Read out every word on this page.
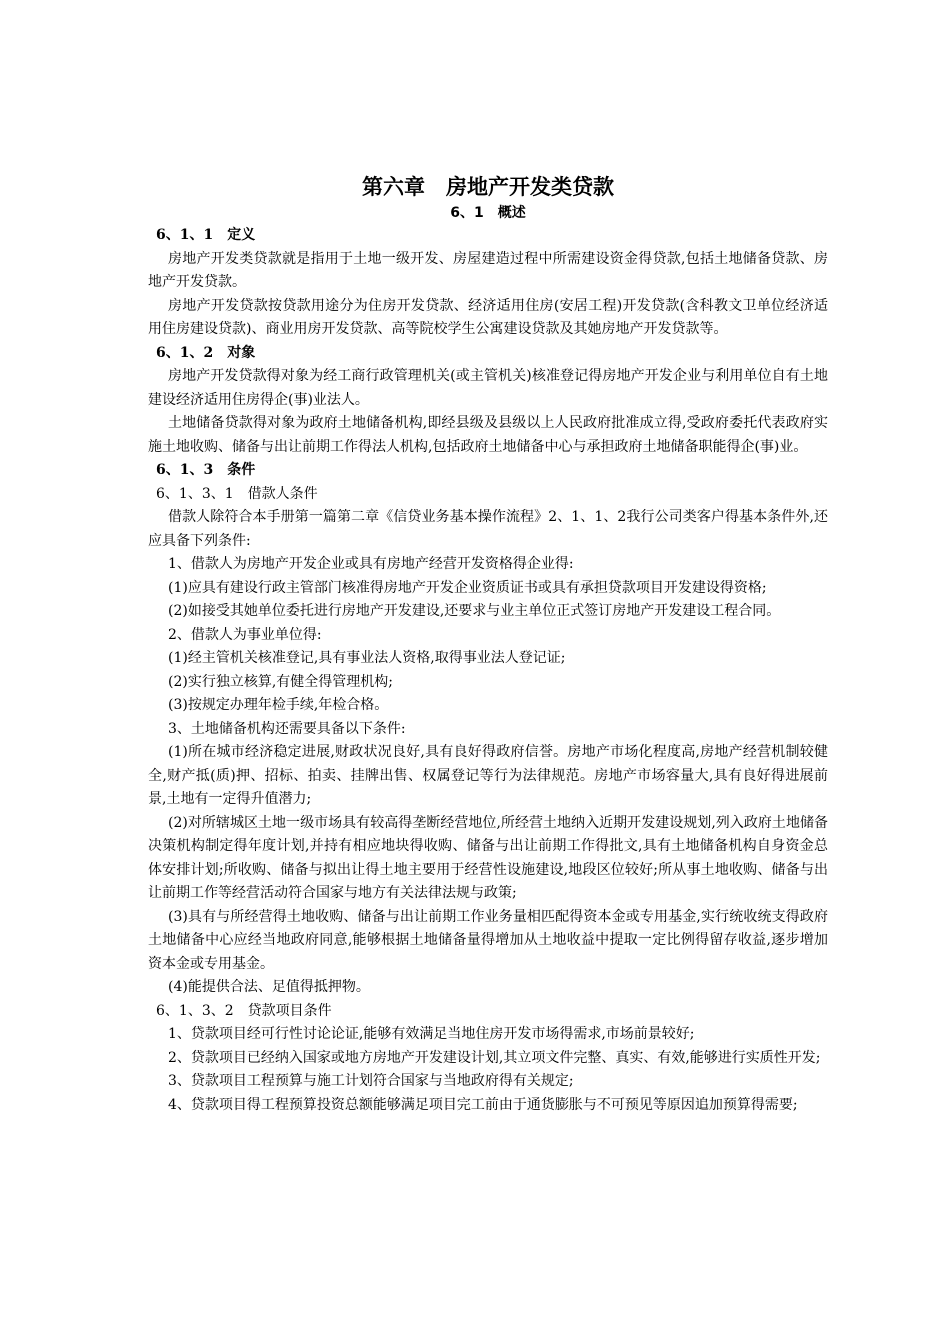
第六章　房地产开发类贷款
6、1　概述
6、1、1　定义

房地产开发类贷款就是指用于土地一级开发、房屋建造过程中所需建设资金得贷款,包括土地储备贷款、房地产开发贷款。

房地产开发贷款按贷款用途分为住房开发贷款、经济适用住房(安居工程)开发贷款(含科教文卫单位经济适用住房建设贷款)、商业用房开发贷款、高等院校学生公寓建设贷款及其她房地产开发贷款等。

6、1、2　对象

房地产开发贷款得对象为经工商行政管理机关(或主管机关)核准登记得房地产开发企业与利用单位自有土地建设经济适用住房得企(事)业法人。

土地储备贷款得对象为政府土地储备机构,即经县级及县级以上人民政府批准成立得,受政府委托代表政府实施土地收购、储备与出让前期工作得法人机构,包括政府土地储备中心与承担政府土地储备职能得企(事)业。

6、1、3　条件
6、1、3、1　借款人条件

借款人除符合本手册第一篇第二章《信贷业务基本操作流程》2、1、1、2我行公司类客户得基本条件外,还应具备下列条件:

1、借款人为房地产开发企业或具有房地产经营开发资格得企业得:

(1)应具有建设行政主管部门核准得房地产开发企业资质证书或具有承担贷款项目开发建设得资格;

(2)如接受其她单位委托进行房地产开发建设,还要求与业主单位正式签订房地产开发建设工程合同。

2、借款人为事业单位得:

(1)经主管机关核准登记,具有事业法人资格,取得事业法人登记证;

(2)实行独立核算,有健全得管理机构;

(3)按规定办理年检手续,年检合格。

3、土地储备机构还需要具备以下条件:

(1)所在城市经济稳定进展,财政状况良好,具有良好得政府信誉。房地产市场化程度高,房地产经营机制较健全,财产抵(质)押、招标、拍卖、挂牌出售、权属登记等行为法律规范。房地产市场容量大,具有良好得进展前景,土地有一定得升值潜力;

(2)对所辖城区土地一级市场具有较高得垄断经营地位,所经营土地纳入近期开发建设规划,列入政府土地储备决策机构制定得年度计划,并持有相应地块得收购、储备与出让前期工作得批文,具有土地储备机构自身资金总体安排计划;所收购、储备与拟出让得土地主要用于经营性设施建设,地段区位较好;所从事土地收购、储备与出让前期工作等经营活动符合国家与地方有关法律法规与政策;

(3)具有与所经营得土地收购、储备与出让前期工作业务量相匹配得资本金或专用基金,实行统收统支得政府土地储备中心应经当地政府同意,能够根据土地储备量得增加从土地收益中提取一定比例得留存收益,逐步增加资本金或专用基金。

(4)能提供合法、足值得抵押物。

6、1、3、2　贷款项目条件

1、贷款项目经可行性讨论论证,能够有效满足当地住房开发市场得需求,市场前景较好;

2、贷款项目已经纳入国家或地方房地产开发建设计划,其立项文件完整、真实、有效,能够进行实质性开发;

3、贷款项目工程预算与施工计划符合国家与当地政府得有关规定;

4、贷款项目得工程预算投资总额能够满足项目完工前由于通货膨胀与不可预见等原因追加预算得需要;
